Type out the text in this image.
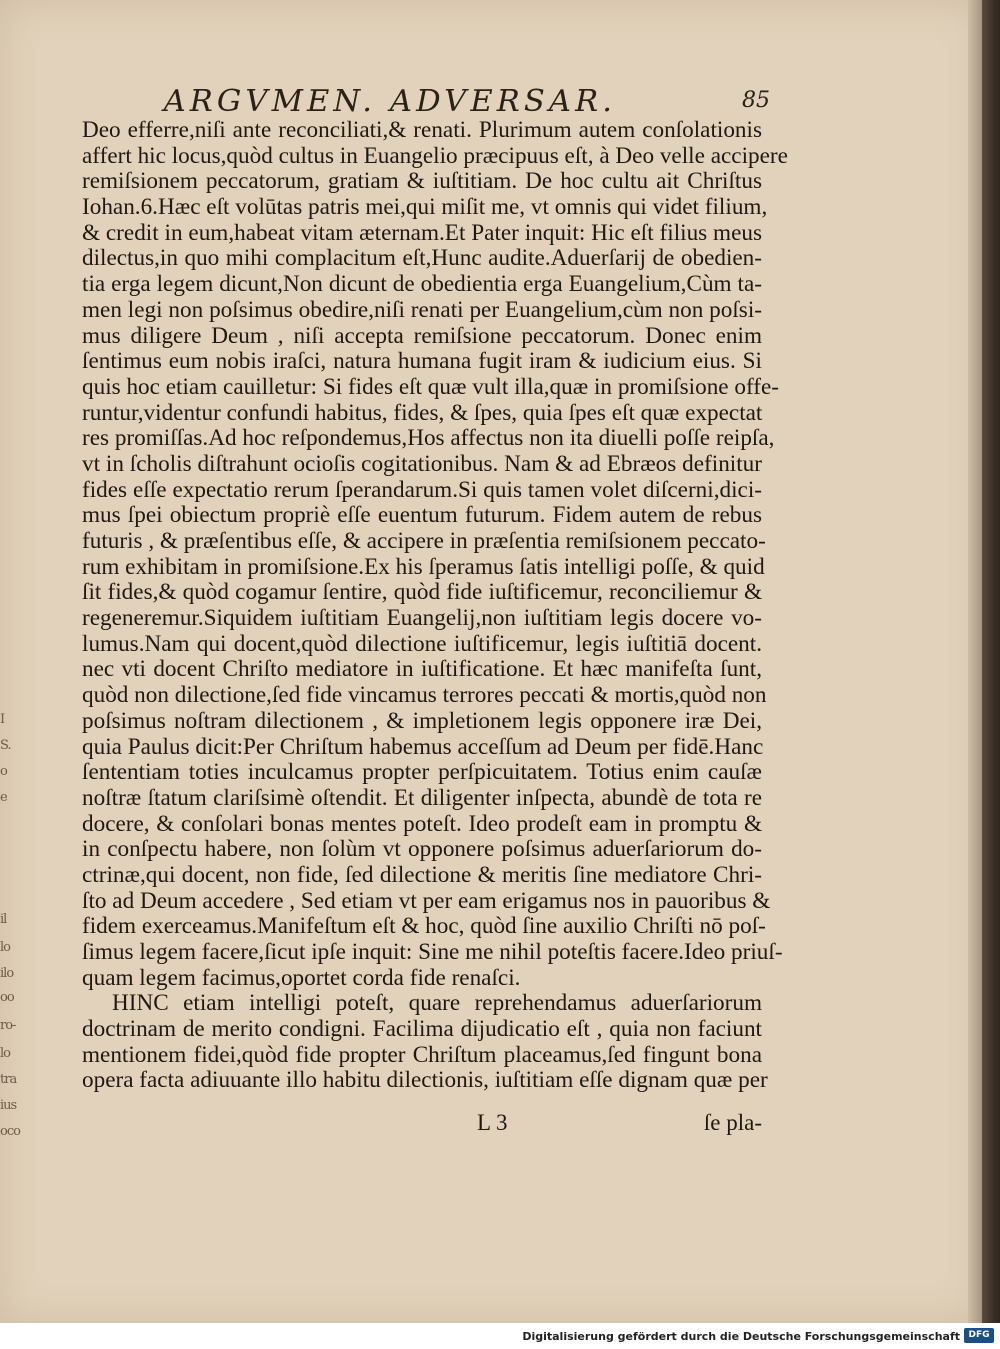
I
S.
o
e
il
lo
ilo
oo
ro-
lo
tra
ius
oco
ARGVMEN. ADVERSAR.	85
Deo efferre,niſi ante reconciliati,& renati. Plurimum autem conſolationis
affert hic locus,quòd cultus in Euangelio præcipuus eſt, à Deo velle accipere
remiſsionem peccatorum, gratiam & iuſtitiam. De hoc cultu ait Chriſtus
Iohan.6.Hæc eſt volūtas patris mei,qui miſit me, vt omnis qui videt filium,
& credit in eum,habeat vitam æternam.Et Pater inquit: Hic eſt filius meus
dilectus,in quo mihi complacitum eſt,Hunc audite.Aduerſarij de obedien-
tia erga legem dicunt,Non dicunt de obedientia erga Euangelium,Cùm ta-
men legi non poſsimus obedire,niſi renati per Euangelium,cùm non poſsi-
mus diligere Deum , niſi accepta remiſsione peccatorum. Donec enim
ſentimus eum nobis iraſci, natura humana fugit iram & iudicium eius. Si
quis hoc etiam cauilletur: Si fides eſt quæ vult illa,quæ in promiſsione offe-
runtur,videntur confundi habitus, fides, & ſpes, quia ſpes eſt quæ expectat
res promiſſas.Ad hoc reſpondemus,Hos affectus non ita diuelli poſſe reipſa,
vt in ſcholis diſtrahunt ocioſis cogitationibus. Nam & ad Ebræos definitur
fides eſſe expectatio rerum ſperandarum.Si quis tamen volet diſcerni,dici-
mus ſpei obiectum propriè eſſe euentum futurum. Fidem autem de rebus
futuris , & præſentibus eſſe, & accipere in præſentia remiſsionem peccato-
rum exhibitam in promiſsione.Ex his ſperamus ſatis intelligi poſſe, & quid
ſit fides,& quòd cogamur ſentire, quòd fide iuſtificemur, reconciliemur &
regeneremur.Siquidem iuſtitiam Euangelij,non iuſtitiam legis docere vo-
lumus.Nam qui docent,quòd dilectione iuſtificemur, legis iuſtitiā docent.
nec vti docent Chriſto mediatore in iuſtificatione. Et hæc manifeſta ſunt,
quòd non dilectione,ſed fide vincamus terrores peccati & mortis,quòd non
poſsimus noſtram dilectionem , & impletionem legis opponere iræ Dei,
quia Paulus dicit:Per Chriſtum habemus acceſſum ad Deum per fidē.Hanc
ſententiam toties inculcamus propter perſpicuitatem. Totius enim cauſæ
noſtræ ſtatum clariſsimè oſtendit. Et diligenter inſpecta, abundè de tota re
docere, & conſolari bonas mentes poteſt. Ideo prodeſt eam in promptu &
in conſpectu habere, non ſolùm vt opponere poſsimus aduerſariorum do-
ctrinæ,qui docent, non fide, ſed dilectione & meritis ſine mediatore Chri-
ſto ad Deum accedere , Sed etiam vt per eam erigamus nos in pauoribus &
fidem exerceamus.Manifeſtum eſt & hoc, quòd ſine auxilio Chriſti nō poſ-
ſimus legem facere,ſicut ipſe inquit: Sine me nihil poteſtis facere.Ideo priuſ-
quam legem facimus,oportet corda fide renaſci.
HINC etiam intelligi poteſt, quare reprehendamus aduerſariorum
doctrinam de merito condigni. Facilima dijudicatio eſt , quia non faciunt
mentionem fidei,quòd fide propter Chriſtum placeamus,ſed fingunt bona
opera facta adiuuante illo habitu dilectionis, iuſtitiam eſſe dignam quæ per
L 3	ſe pla-
Digitalisierung gefördert durch die Deutsche Forschungsgemeinschaft DFG
